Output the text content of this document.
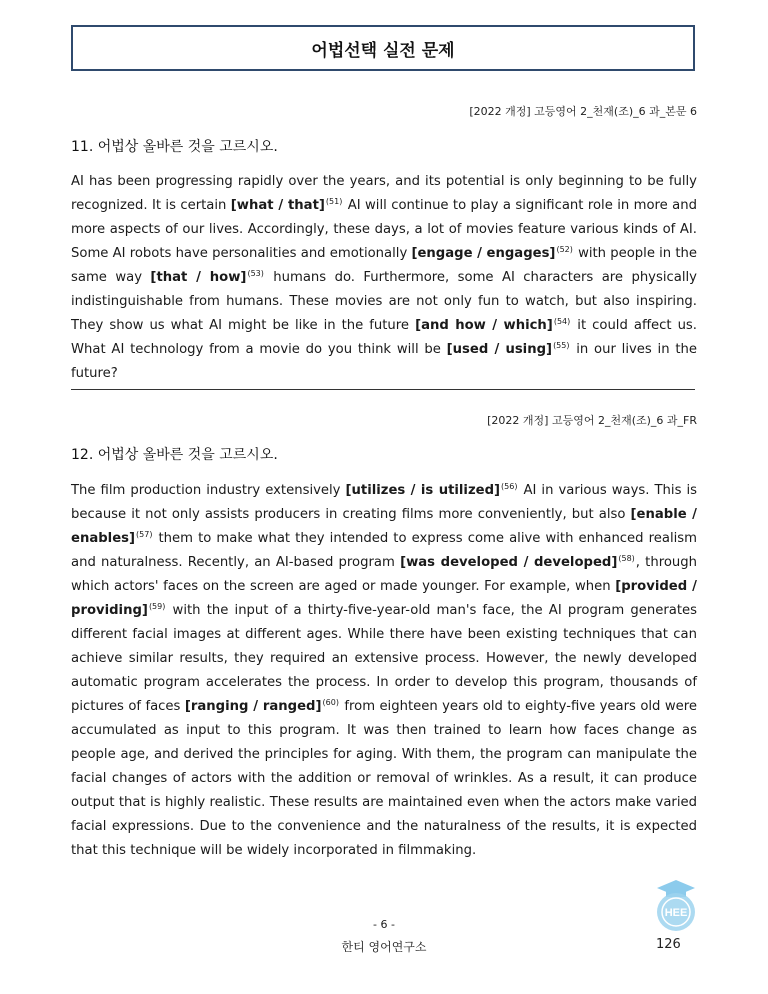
어법선택 실전 문제
[2022 개정] 고등영어 2_천재(조)_6 과_본문 6
11. 어법상 올바른 것을 고르시오.

AI has been progressing rapidly over the years, and its potential is only beginning to be fully recognized. It is certain [what / that]$^{(51)}$ AI will continue to play a significant role in more and more aspects of our lives. Accordingly, these days, a lot of movies feature various kinds of AI. Some AI robots have personalities and emotionally [engage / engages]$^{(52)}$ with people in the same way [that / how]$^{(53)}$ humans do. Furthermore, some AI characters are physically indistinguishable from humans. These movies are not only fun to watch, but also inspiring. They show us what AI might be like in the future [and how / which]$^{(54)}$ it could affect us. What AI technology from a movie do you think will be [used / using]$^{(55)}$ in our lives in the future?

[2022 개정] 고등영어 2_천재(조)_6 과_FR
12. 어법상 올바른 것을 고르시오.

The film production industry extensively [utilizes / is utilized]$^{(56)}$ AI in various ways. This is because it not only assists producers in creating films more conveniently, but also [enable / enables]$^{(57)}$ them to make what they intended to express come alive with enhanced realism and naturalness. Recently, an AI-based program [was developed / developed]$^{(58)}$, through which actors' faces on the screen are aged or made younger. For example, when [provided / providing]$^{(59)}$ with the input of a thirty-five-year-old man's face, the AI program generates different facial images at different ages. While there have been existing techniques that can achieve similar results, they required an extensive process. However, the newly developed automatic program accelerates the process. In order to develop this program, thousands of pictures of faces [ranging / ranged]$^{(60)}$ from eighteen years old to eighty-five years old were accumulated as input to this program. It was then trained to learn how faces change as people age, and derived the principles for aging. With them, the program can manipulate the facial changes of actors with the addition or removal of wrinkles. As a result, it can produce output that is highly realistic. These results are maintained even when the actors make varied facial expressions. Due to the convenience and the naturalness of the results, it is expected that this technique will be widely incorporated in filmmaking.

- 6 -
한티 영어연구소	126
HEE
